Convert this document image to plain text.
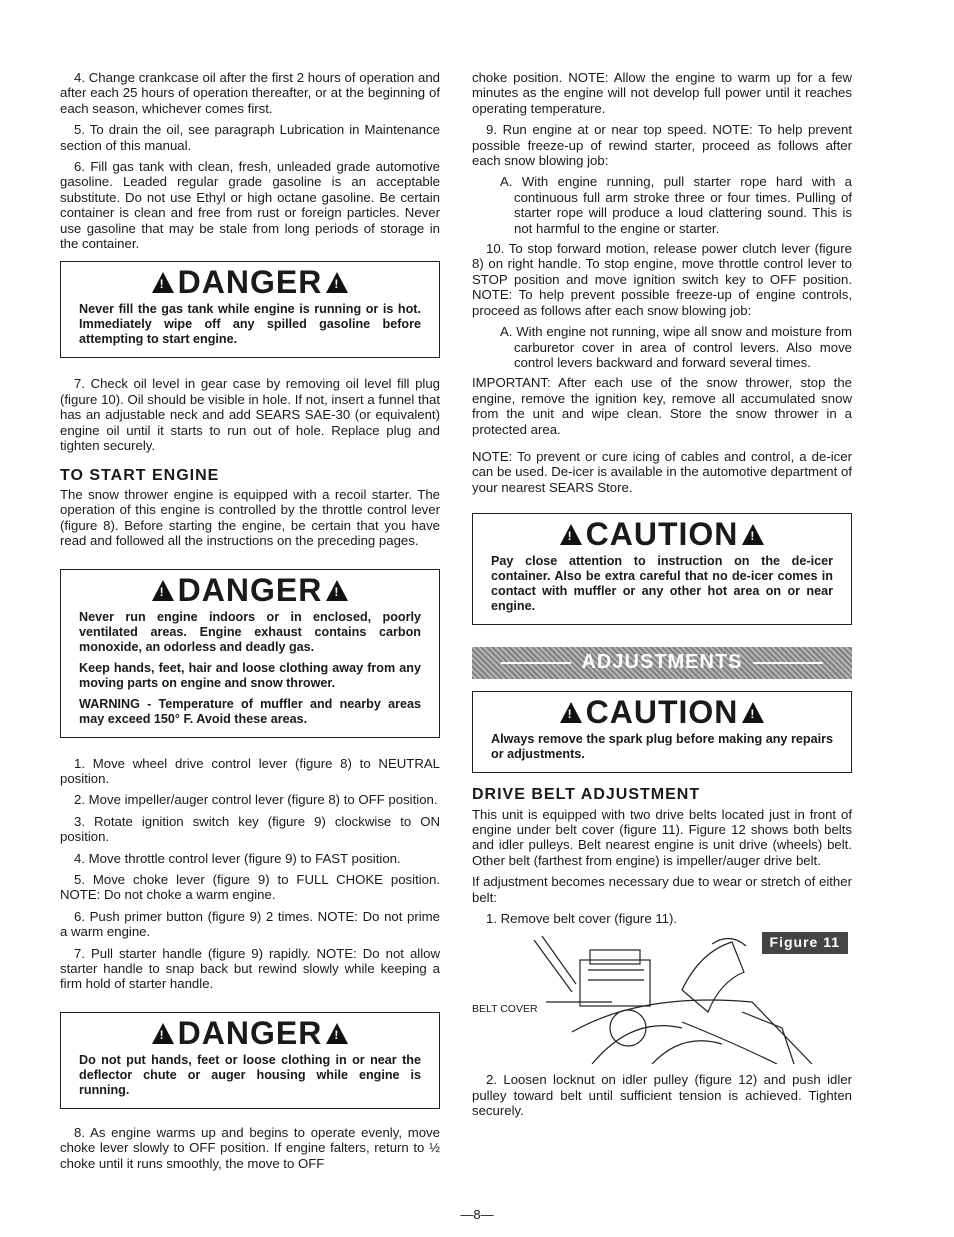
4. Change crankcase oil after the first 2 hours of operation and after each 25 hours of operation thereafter, or at the beginning of each season, whichever comes first.

5. To drain the oil, see paragraph Lubrication in Maintenance section of this manual.

6. Fill gas tank with clean, fresh, unleaded grade automotive gasoline. Leaded regular grade gasoline is an acceptable substitute. Do not use Ethyl or high octane gasoline. Be certain container is clean and free from rust or foreign particles. Never use gasoline that may be stale from long periods of storage in the container.

!DANGER!

Never fill the gas tank while engine is running or is hot. Immediately wipe off any spilled gasoline before attempting to start engine.

7. Check oil level in gear case by removing oil level fill plug (figure 10). Oil should be visible in hole. If not, insert a funnel that has an adjustable neck and add SEARS SAE-30 (or equivalent) engine oil until it starts to run out of hole. Replace plug and tighten securely.

TO START ENGINE

The snow thrower engine is equipped with a recoil starter. The operation of this engine is controlled by the throttle control lever (figure 8). Before starting the engine, be certain that you have read and followed all the instructions on the preceding pages.

!DANGER!

Never run engine indoors or in enclosed, poorly ventilated areas. Engine exhaust contains carbon monoxide, an odorless and deadly gas.

Keep hands, feet, hair and loose clothing away from any moving parts on engine and snow thrower.

WARNING - Temperature of muffler and nearby areas may exceed 150° F. Avoid these areas.

1. Move wheel drive control lever (figure 8) to NEUTRAL position.

2. Move impeller/auger control lever (figure 8) to OFF position.

3. Rotate ignition switch key (figure 9) clockwise to ON position.

4. Move throttle control lever (figure 9) to FAST position.

5. Move choke lever (figure 9) to FULL CHOKE position. NOTE: Do not choke a warm engine.

6. Push primer button (figure 9) 2 times. NOTE: Do not prime a warm engine.

7. Pull starter handle (figure 9) rapidly. NOTE: Do not allow starter handle to snap back but rewind slowly while keeping a firm hold of starter handle.

!DANGER!

Do not put hands, feet or loose clothing in or near the deflector chute or auger housing while engine is running.

8. As engine warms up and begins to operate evenly, move choke lever slowly to OFF position. If engine falters, return to ½ choke until it runs smoothly, the move to OFF

choke position. NOTE: Allow the engine to warm up for a few minutes as the engine will not develop full power until it reaches operating temperature.

9. Run engine at or near top speed. NOTE: To help prevent possible freeze-up of rewind starter, proceed as follows after each snow blowing job:

A. With engine running, pull starter rope hard with a continuous full arm stroke three or four times. Pulling of starter rope will produce a loud clattering sound. This is not harmful to the engine or starter.

10. To stop forward motion, release power clutch lever (figure 8) on right handle. To stop engine, move throttle control lever to STOP position and move ignition switch key to OFF position. NOTE: To help prevent possible freeze-up of engine controls, proceed as follows after each snow blowing job:

A. With engine not running, wipe all snow and moisture from carburetor cover in area of control levers. Also move control levers backward and forward several times.

IMPORTANT: After each use of the snow thrower, stop the engine, remove the ignition key, remove all accumulated snow from the unit and wipe clean. Store the snow thrower in a protected area.

NOTE: To prevent or cure icing of cables and control, a de-icer can be used. De-icer is available in the automotive department of your nearest SEARS Store.

!CAUTION!

Pay close attention to instruction on the de-icer container. Also be extra careful that no de-icer comes in contact with muffler or any other hot area on or near engine.

ADJUSTMENTS
!CAUTION!

Always remove the spark plug before making any repairs or adjustments.

DRIVE BELT ADJUSTMENT

This unit is equipped with two drive belts located just in front of engine under belt cover (figure 11). Figure 12 shows both belts and idler pulleys. Belt nearest engine is unit drive (wheels) belt. Other belt (farthest from engine) is impeller/auger drive belt.

If adjustment becomes necessary due to wear or stretch of either belt:

1. Remove belt cover (figure 11).

BELT COVER
Figure 11

2. Loosen locknut on idler pulley (figure 12) and push idler pulley toward belt until sufficient tension is achieved. Tighten securely.

—8—
